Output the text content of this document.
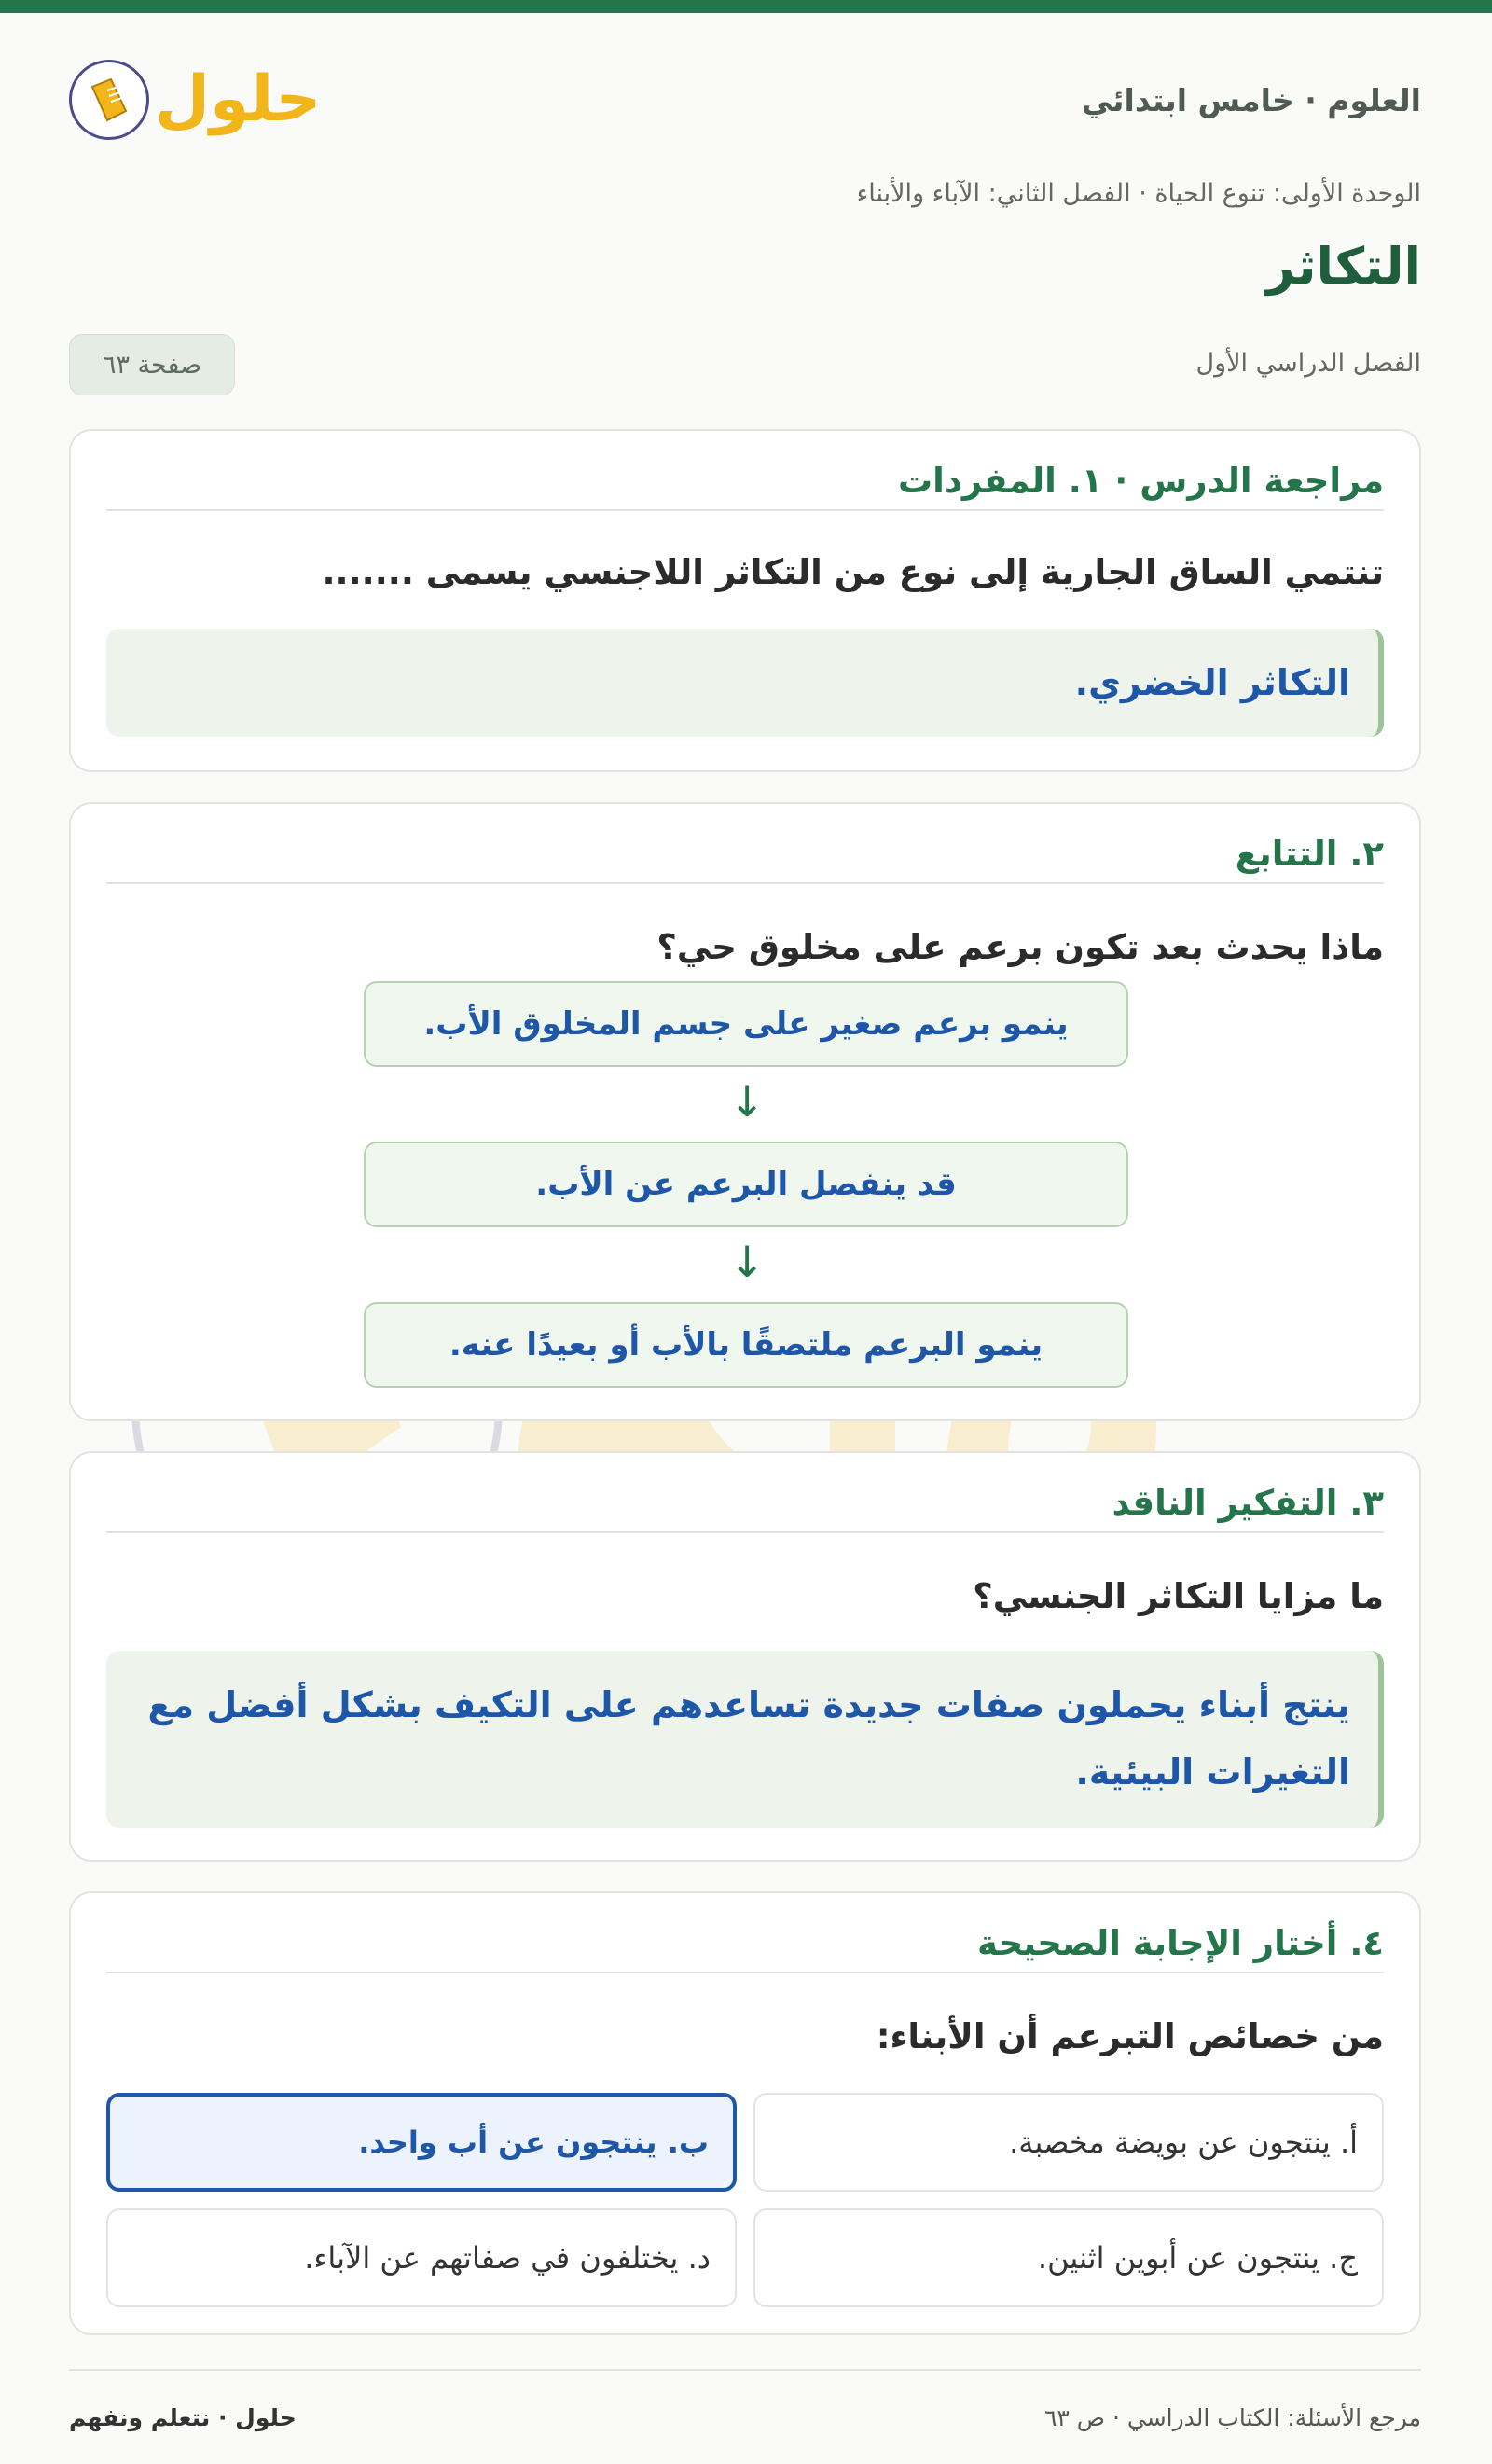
العلوم · خامس ابتدائي
حلول
الوحدة الأولى: تنوع الحياة · الفصل الثاني: الآباء والأبناء
التكاثر
الفصل الدراسي الأول
صفحة ٦٣
مراجعة الدرس · ١. المفردات
تنتمي الساق الجارية إلى نوع من التكاثر اللاجنسي يسمى .......
التكاثر الخضري.
٢. التتابع
ماذا يحدث بعد تكون برعم على مخلوق حي؟
ينمو برعم صغير على جسم المخلوق الأب.
↓
قد ينفصل البرعم عن الأب.
↓
ينمو البرعم ملتصقًا بالأب أو بعيدًا عنه.
٣. التفكير الناقد
ما مزايا التكاثر الجنسي؟
ينتج أبناء يحملون صفات جديدة تساعدهم على التكيف بشكل أفضل مع التغيرات البيئية.
٤. أختار الإجابة الصحيحة
من خصائص التبرعم أن الأبناء:
أ. ينتجون عن بويضة مخصبة.
ب. ينتجون عن أب واحد.
ج. ينتجون عن أبوين اثنين.
د. يختلفون في صفاتهم عن الآباء.
مرجع الأسئلة: الكتاب الدراسي · ص ٦٣
حلول · نتعلم ونفهم
